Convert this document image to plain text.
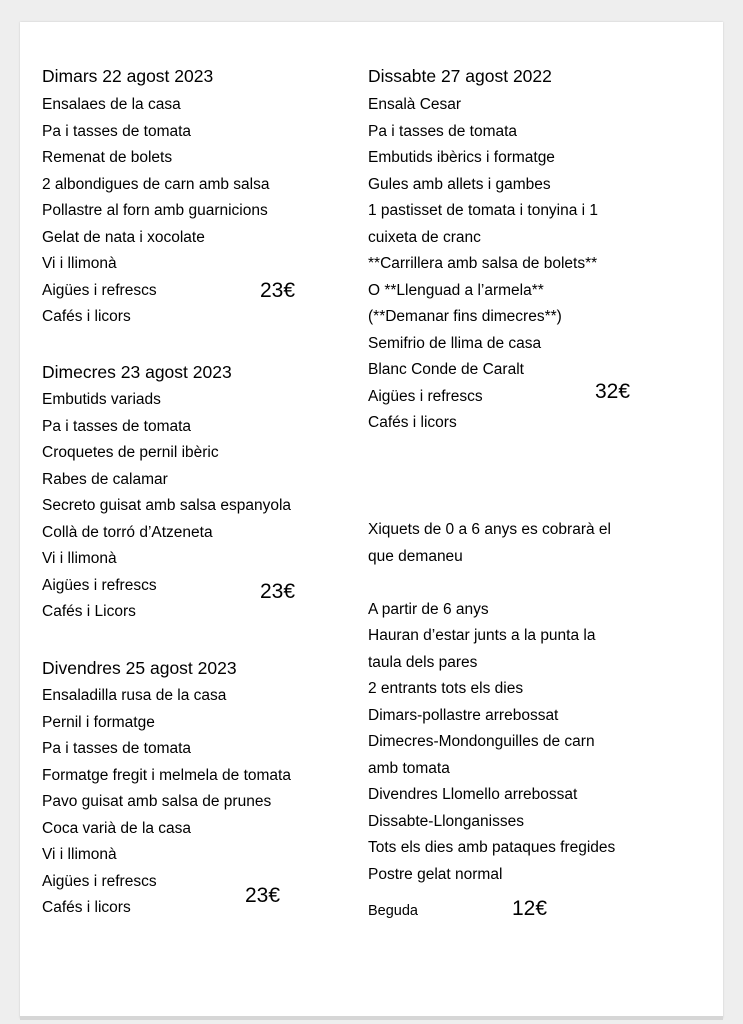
Dimars 22 agost 2023
Ensalaes de la casa
Pa i tasses de tomata
Remenat de bolets
2 albondigues de carn amb salsa
Pollastre al forn amb guarnicions
Gelat de nata i xocolate
Vi i llimonà
Aigües i refrescs
Cafés i licors
23€
Dimecres 23 agost 2023
Embutids variads
Pa i tasses de tomata
Croquetes de pernil ibèric
Rabes de calamar
Secreto guisat amb salsa espanyola
Collà de torró d’Atzeneta
Vi i llimonà
Aigües i refrescs
Cafés i Licors
23€
Divendres 25 agost 2023
Ensaladilla rusa de la casa
Pernil i formatge
Pa i tasses de tomata
Formatge fregit i melmela de tomata
Pavo guisat amb salsa de prunes
Coca varià de la casa
Vi i llimonà
Aigües i refrescs
Cafés i licors
23€
Dissabte 27 agost 2022
Ensalà Cesar
Pa i tasses de tomata
Embutids ibèrics i formatge
Gules amb allets i gambes
1 pastisset de tomata i tonyina i 1
cuixeta de cranc
**Carrillera amb salsa de bolets**
O **Llenguad a l’armela**
(**Demanar fins dimecres**)
Semifrio de llima de casa
Blanc Conde de Caralt
Aigües i refrescs
Cafés i licors
32€
Xiquets de 0 a 6 anys es cobrarà el
que demaneu
A partir de 6 anys
Hauran d’estar junts a la punta la
taula dels pares
2 entrants tots els dies
Dimars-pollastre arrebossat
Dimecres-Mondonguilles de carn
amb tomata
Divendres Llomello arrebossat
Dissabte-Llonganisses
Tots els dies amb pataques fregides
Postre gelat normal
Beguda	12€
